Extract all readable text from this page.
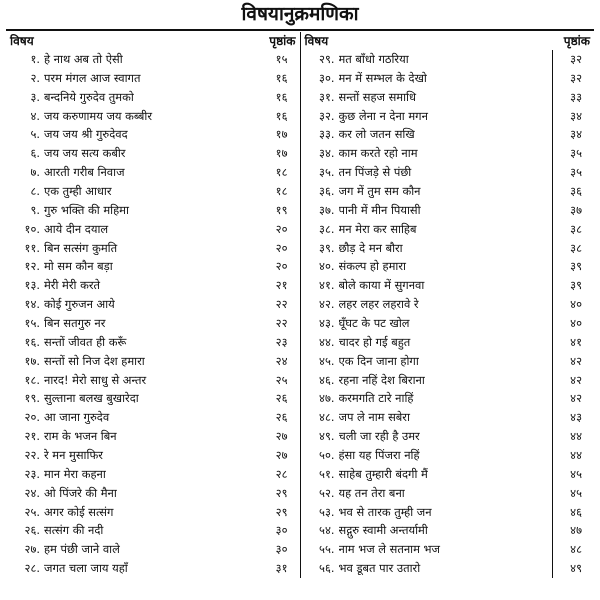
विषयानुक्रमणिका
विषय	पृष्ठांक
१. हे नाथ अब तो ऐसी	१५
२. परम मंगल आज स्वागत	१६
३. बन्दनिये गुरुदेव तुमको	१६
४. जय करुणामय जय कब्बीर	१६
५. जय जय श्री गुरुदेवद	१७
६. जय जय सत्य कबीर	१७
७. आरती गरीब निवाज	१८
८. एक तुम्ही आधार	१८
९. गुरु भक्ति की महिमा	१९
१०. आये दीन दयाल	२०
११. बिन सत्संग कुमति	२०
१२. मो सम कौन बड़ा	२०
१३. मेरी मेरी करते	२१
१४. कोई गुरुजन आये	२२
१५. बिन सतगुरु नर	२२
१६. सन्तों जीवत ही करूँ	२३
१७. सन्तों सो निज देश हमारा	२४
१८. नारद! मेरो साधु से अन्तर	२५
१९. सुल्ताना बलख बुखारेदा	२६
२०. आ जाना गुरुदेव	२६
२१. राम के भजन बिन	२७
२२. रे मन मुसाफिर	२७
२३. मान मेरा कहना	२८
२४. ओ पिंजरे की मैना	२९
२५. अगर कोई सत्संग	२९
२६. सत्संग की नदी	३०
२७. हम पंछी जाने वाले	३०
२८. जगत चला जाय यहाँ	३१
विषय	पृष्ठांक
२९. मत बाँधो गठरिया	३२
३०. मन में सम्भल के देखो	३२
३१. सन्तों सहज समाधि	३३
३२. कुछ लेना न देना मगन	३४
३३. कर लो जतन सखि	३४
३४. काम करते रहो नाम	३५
३५. तन पिंजड़े से पंछी	३५
३६. जग में तुम सम कौन	३६
३७. पानी में मीन पियासी	३७
३८. मन मेरा कर साहिब	३८
३९. छौड़ दे मन बौरा	३८
४०. संकल्प हो हमारा	३९
४१. बोले काया में सुगनवा	३९
४२. लहर लहर लहरावे रे	४०
४३. घूँघट के पट खोल	४०
४४. चादर हो गई बहुत	४१
४५. एक दिन जाना होगा	४२
४६. रहना नहिं देश बिराना	४२
४७. करमगति टारे नाहिं	४२
४८. जप ले नाम सबेरा	४३
४९. चली जा रही है उमर	४४
५०. हंसा यह पिंजरा नहिं	४४
५१. साहेब तुम्हारी बंदगी मैं	४५
५२. यह तन तेरा बना	४५
५३. भव से तारक तुम्ही जन	४६
५४. सद्गुरु स्वामी अन्तर्यामी	४७
५५. नाम भज ले सतनाम भज	४८
५६. भव डूबत पार उतारो	४९
